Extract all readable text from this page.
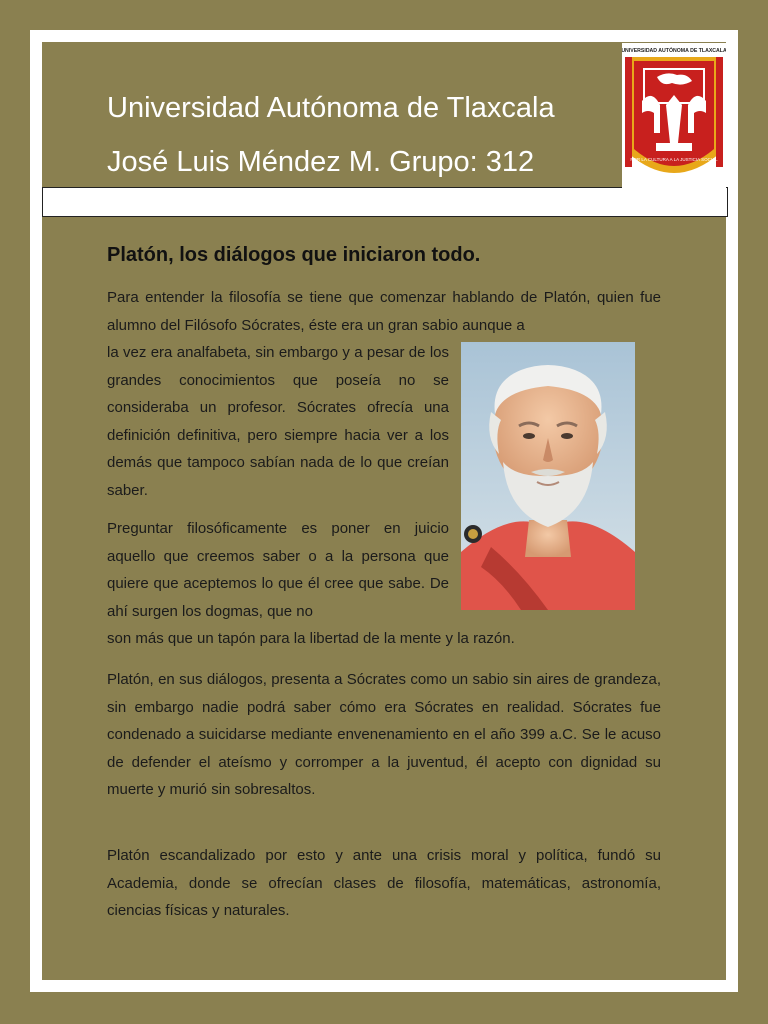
Universidad Autónoma de Tlaxcala
José Luis Méndez M. Grupo: 312
UNIVERSIDAD AUTÓNOMA DE TLAXCALA
POR LA CULTURA A LA JUSTICIA SOCIAL
Platón, los diálogos que iniciaron todo.
Para entender la filosofía se tiene que comenzar hablando de Platón, quien fue alumno del Filósofo Sócrates, éste era un gran sabio aunque a
la vez era analfabeta, sin embargo y a pesar de los grandes conocimientos que poseía no se consideraba un profesor. Sócrates ofrecía una definición definitiva, pero siempre hacia ver a los demás que tampoco sabían nada de lo que creían saber.
Preguntar filosóficamente es poner en juicio aquello que creemos saber o a la persona que quiere que aceptemos lo que él cree que sabe. De ahí surgen los dogmas, que no
son más que un tapón para la libertad de la mente y la razón.
Platón, en sus diálogos, presenta a Sócrates como un sabio sin aires de grandeza, sin embargo nadie podrá saber cómo era Sócrates en realidad. Sócrates fue condenado a suicidarse mediante envenenamiento en el año 399 a.C. Se le acuso de defender el ateísmo y corromper a la juventud, él acepto con dignidad su muerte y murió sin sobresaltos.
Platón escandalizado por esto y ante una crisis moral y política, fundó su Academia, donde se ofrecían clases de filosofía, matemáticas, astronomía, ciencias físicas y naturales.
